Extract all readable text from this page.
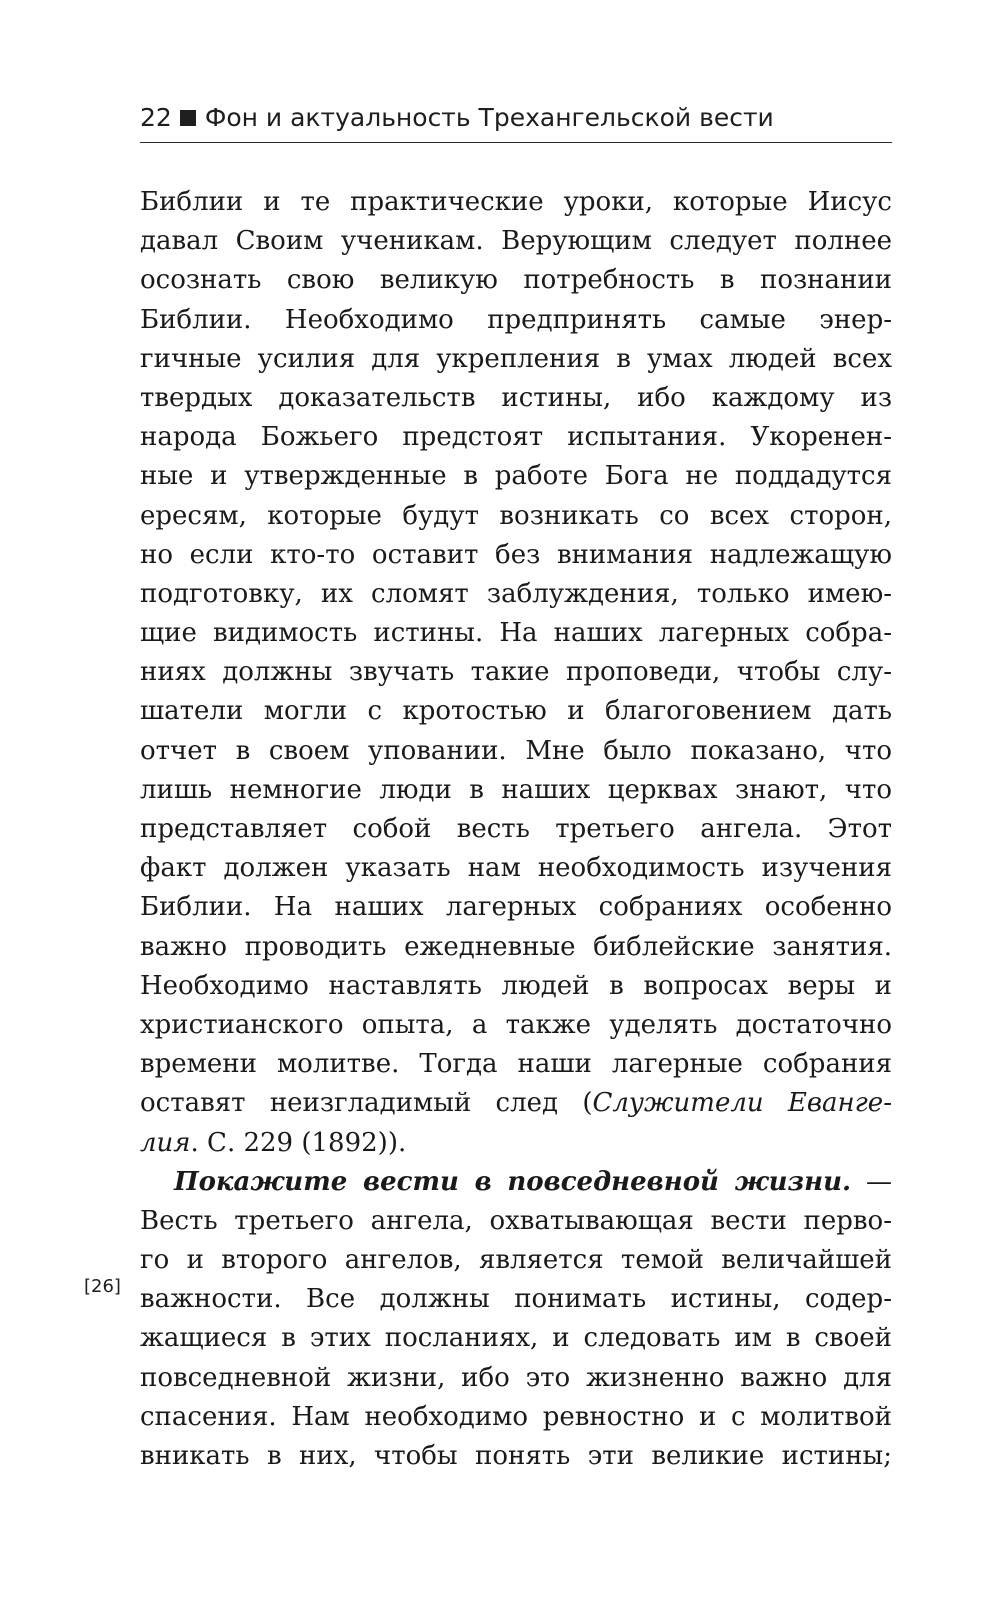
22 Фон и актуальность Трехангельской вести
[26]
Библии и те практические уроки, которые Иисус
давал Своим ученикам. Верующим следует полнее
осознать свою великую потребность в познании
Библии. Необходимо предпринять самые энер-
гичные усилия для укрепления в умах людей всех
твердых доказательств истины, ибо каждому из
народа Божьего предстоят испытания. Укоренен-
ные и утвержденные в работе Бога не поддадутся
ересям, которые будут возникать со всех сторон,
но если кто-то оставит без внимания надлежащую
подготовку, их сломят заблуждения, только имею-
щие видимость истины. На наших лагерных собра-
ниях должны звучать такие проповеди, чтобы слу-
шатели могли с кротостью и благоговением дать
отчет в своем уповании. Мне было показано, что
лишь немногие люди в наших церквах знают, что
представляет собой весть третьего ангела. Этот
факт должен указать нам необходимость изучения
Библии. На наших лагерных собраниях особенно
важно проводить ежедневные библейские занятия.
Необходимо наставлять людей в вопросах веры и
христианского опыта, а также уделять достаточно
времени молитве. Тогда наши лагерные собрания
оставят неизгладимый след (Служители Еванге-
лия. С. 229 (1892)).
Покажите вести в повседневной жизни. —
Весть третьего ангела, охватывающая вести перво-
го и второго ангелов, является темой величайшей
важности. Все должны понимать истины, содер-
жащиеся в этих посланиях, и следовать им в своей
повседневной жизни, ибо это жизненно важно для
спасения. Нам необходимо ревностно и с молитвой
вникать в них, чтобы понять эти великие истины;
